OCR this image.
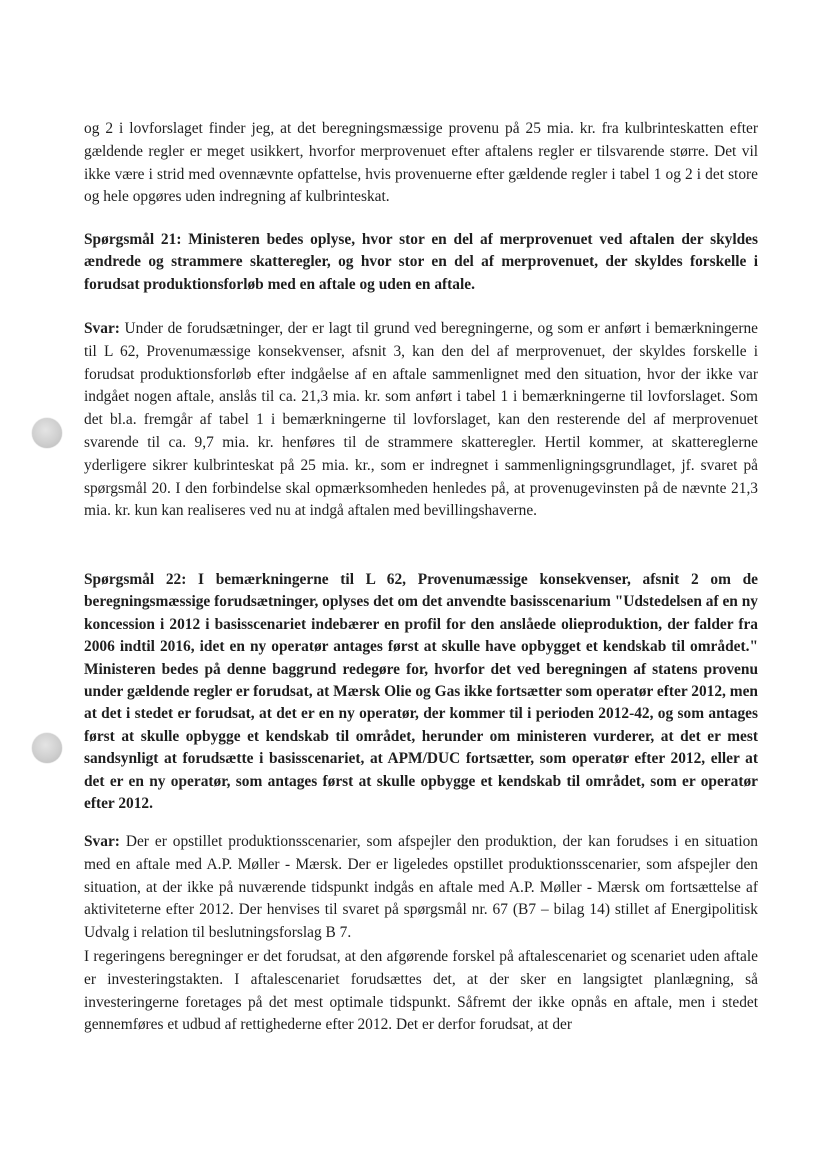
og 2 i lovforslaget finder jeg, at det beregningsmæssige provenu på 25 mia. kr. fra kulbrinteskatten efter gældende regler er meget usikkert, hvorfor merprovenuet efter aftalens regler er tilsvarende større. Det vil ikke være i strid med ovennævnte opfattelse, hvis provenuerne efter gældende regler i tabel 1 og 2 i det store og hele opgøres uden indregning af kulbrinteskat.

Spørgsmål 21: Ministeren bedes oplyse, hvor stor en del af merprovenuet ved aftalen der skyldes ændrede og strammere skatteregler, og hvor stor en del af merprovenuet, der skyldes forskelle i forudsat produktionsforløb med en aftale og uden en aftale.

Svar: Under de forudsætninger, der er lagt til grund ved beregningerne, og som er anført i bemærkningerne til L 62, Provenumæssige konsekvenser, afsnit 3, kan den del af merprovenuet, der skyldes forskelle i forudsat produktionsforløb efter indgåelse af en aftale sammenlignet med den situation, hvor der ikke var indgået nogen aftale, anslås til ca. 21,3 mia. kr. som anført i tabel 1 i bemærkningerne til lovforslaget. Som det bl.a. fremgår af tabel 1 i bemærkningerne til lovforslaget, kan den resterende del af merprovenuet svarende til ca. 9,7 mia. kr. henføres til de strammere skatteregler. Hertil kommer, at skattereglerne yderligere sikrer kulbrinteskat på 25 mia. kr., som er indregnet i sammenligningsgrundlaget, jf. svaret på spørgsmål 20. I den forbindelse skal opmærksomheden henledes på, at provenugevinsten på de nævnte 21,3 mia. kr. kun kan realiseres ved nu at indgå aftalen med bevillingshaverne.

Spørgsmål 22: I bemærkningerne til L 62, Provenumæssige konsekvenser, afsnit 2 om de beregningsmæssige forudsætninger, oplyses det om det anvendte basisscenarium "Udstedelsen af en ny koncession i 2012 i basisscenariet indebærer en profil for den anslåede olieproduktion, der falder fra 2006 indtil 2016, idet en ny operatør antages først at skulle have opbygget et kendskab til området." Ministeren bedes på denne baggrund redegøre for, hvorfor det ved beregningen af statens provenu under gældende regler er forudsat, at Mærsk Olie og Gas ikke fortsætter som operatør efter 2012, men at det i stedet er forudsat, at det er en ny operatør, der kommer til i perioden 2012-42, og som antages først at skulle opbygge et kendskab til området, herunder om ministeren vurderer, at det er mest sandsynligt at forudsætte i basisscenariet, at APM/DUC fortsætter, som operatør efter 2012, eller at det er en ny operatør, som antages først at skulle opbygge et kendskab til området, som er operatør efter 2012.

Svar: Der er opstillet produktionsscenarier, som afspejler den produktion, der kan forudses i en situation med en aftale med A.P. Møller - Mærsk. Der er ligeledes opstillet produktionsscenarier, som afspejler den situation, at der ikke på nuværende tidspunkt indgås en aftale med A.P. Møller - Mærsk om fortsættelse af aktiviteterne efter 2012. Der henvises til svaret på spørgsmål nr. 67 (B7 – bilag 14) stillet af Energipolitisk Udvalg i relation til beslutningsforslag B 7.

I regeringens beregninger er det forudsat, at den afgørende forskel på aftalescenariet og scenariet uden aftale er investeringstakten. I aftalescenariet forudsættes det, at der sker en langsigtet planlægning, så investeringerne foretages på det mest optimale tidspunkt. Såfremt der ikke opnås en aftale, men i stedet gennemføres et udbud af rettighederne efter 2012. Det er derfor forudsat, at der
